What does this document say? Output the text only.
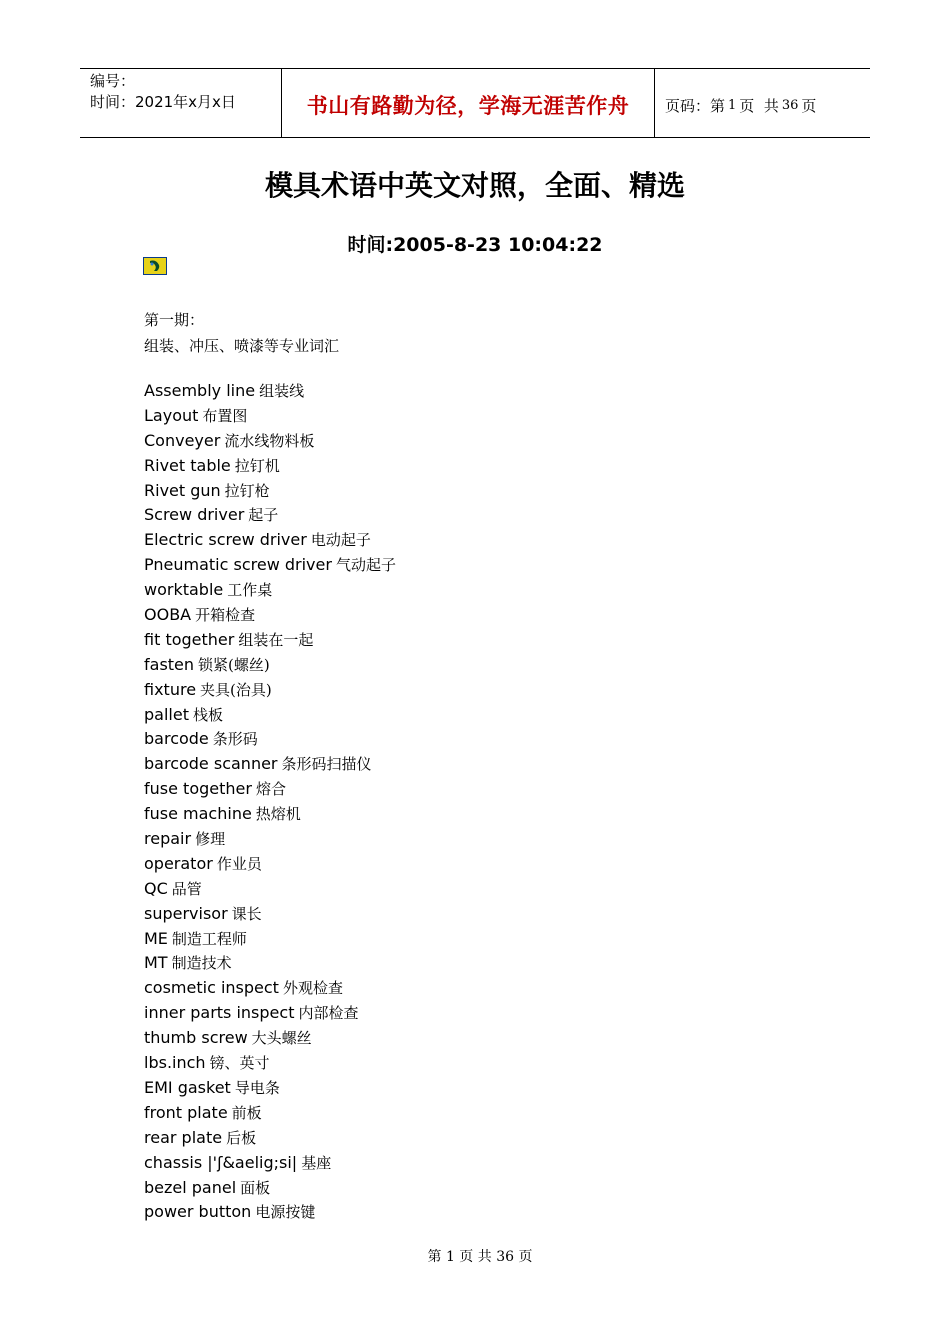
编号：
时间：2021年x月x日	书山有路勤为径，学海无涯苦作舟 页码：第 1 页  共 36 页
模具术语中英文对照，全面、精选
时间:2005-8-23 10:04:22
第一期：
组装、冲压、喷漆等专业词汇
Assembly line 组装线
Layout 布置图
Conveyer 流水线物料板
Rivet table 拉钉机
Rivet gun 拉钉枪
Screw driver 起子
Electric screw driver 电动起子
Pneumatic screw driver 气动起子
worktable 工作桌
OOBA 开箱检查
fit together 组装在一起
fasten 锁紧(螺丝)
fixture 夹具(治具)
pallet 栈板
barcode 条形码
barcode scanner 条形码扫描仪
fuse together 熔合
fuse machine 热熔机
repair 修理
operator 作业员
QC 品管
supervisor 课长
ME 制造工程师
MT 制造技术
cosmetic inspect 外观检查
inner parts inspect 内部检查
thumb screw 大头螺丝
lbs.inch 镑、英寸
EMI gasket 导电条
front plate 前板
rear plate 后板
chassis |'ʃ&aelig;si| 基座
bezel panel 面板
power button 电源按键
第 1 页 共 36 页
